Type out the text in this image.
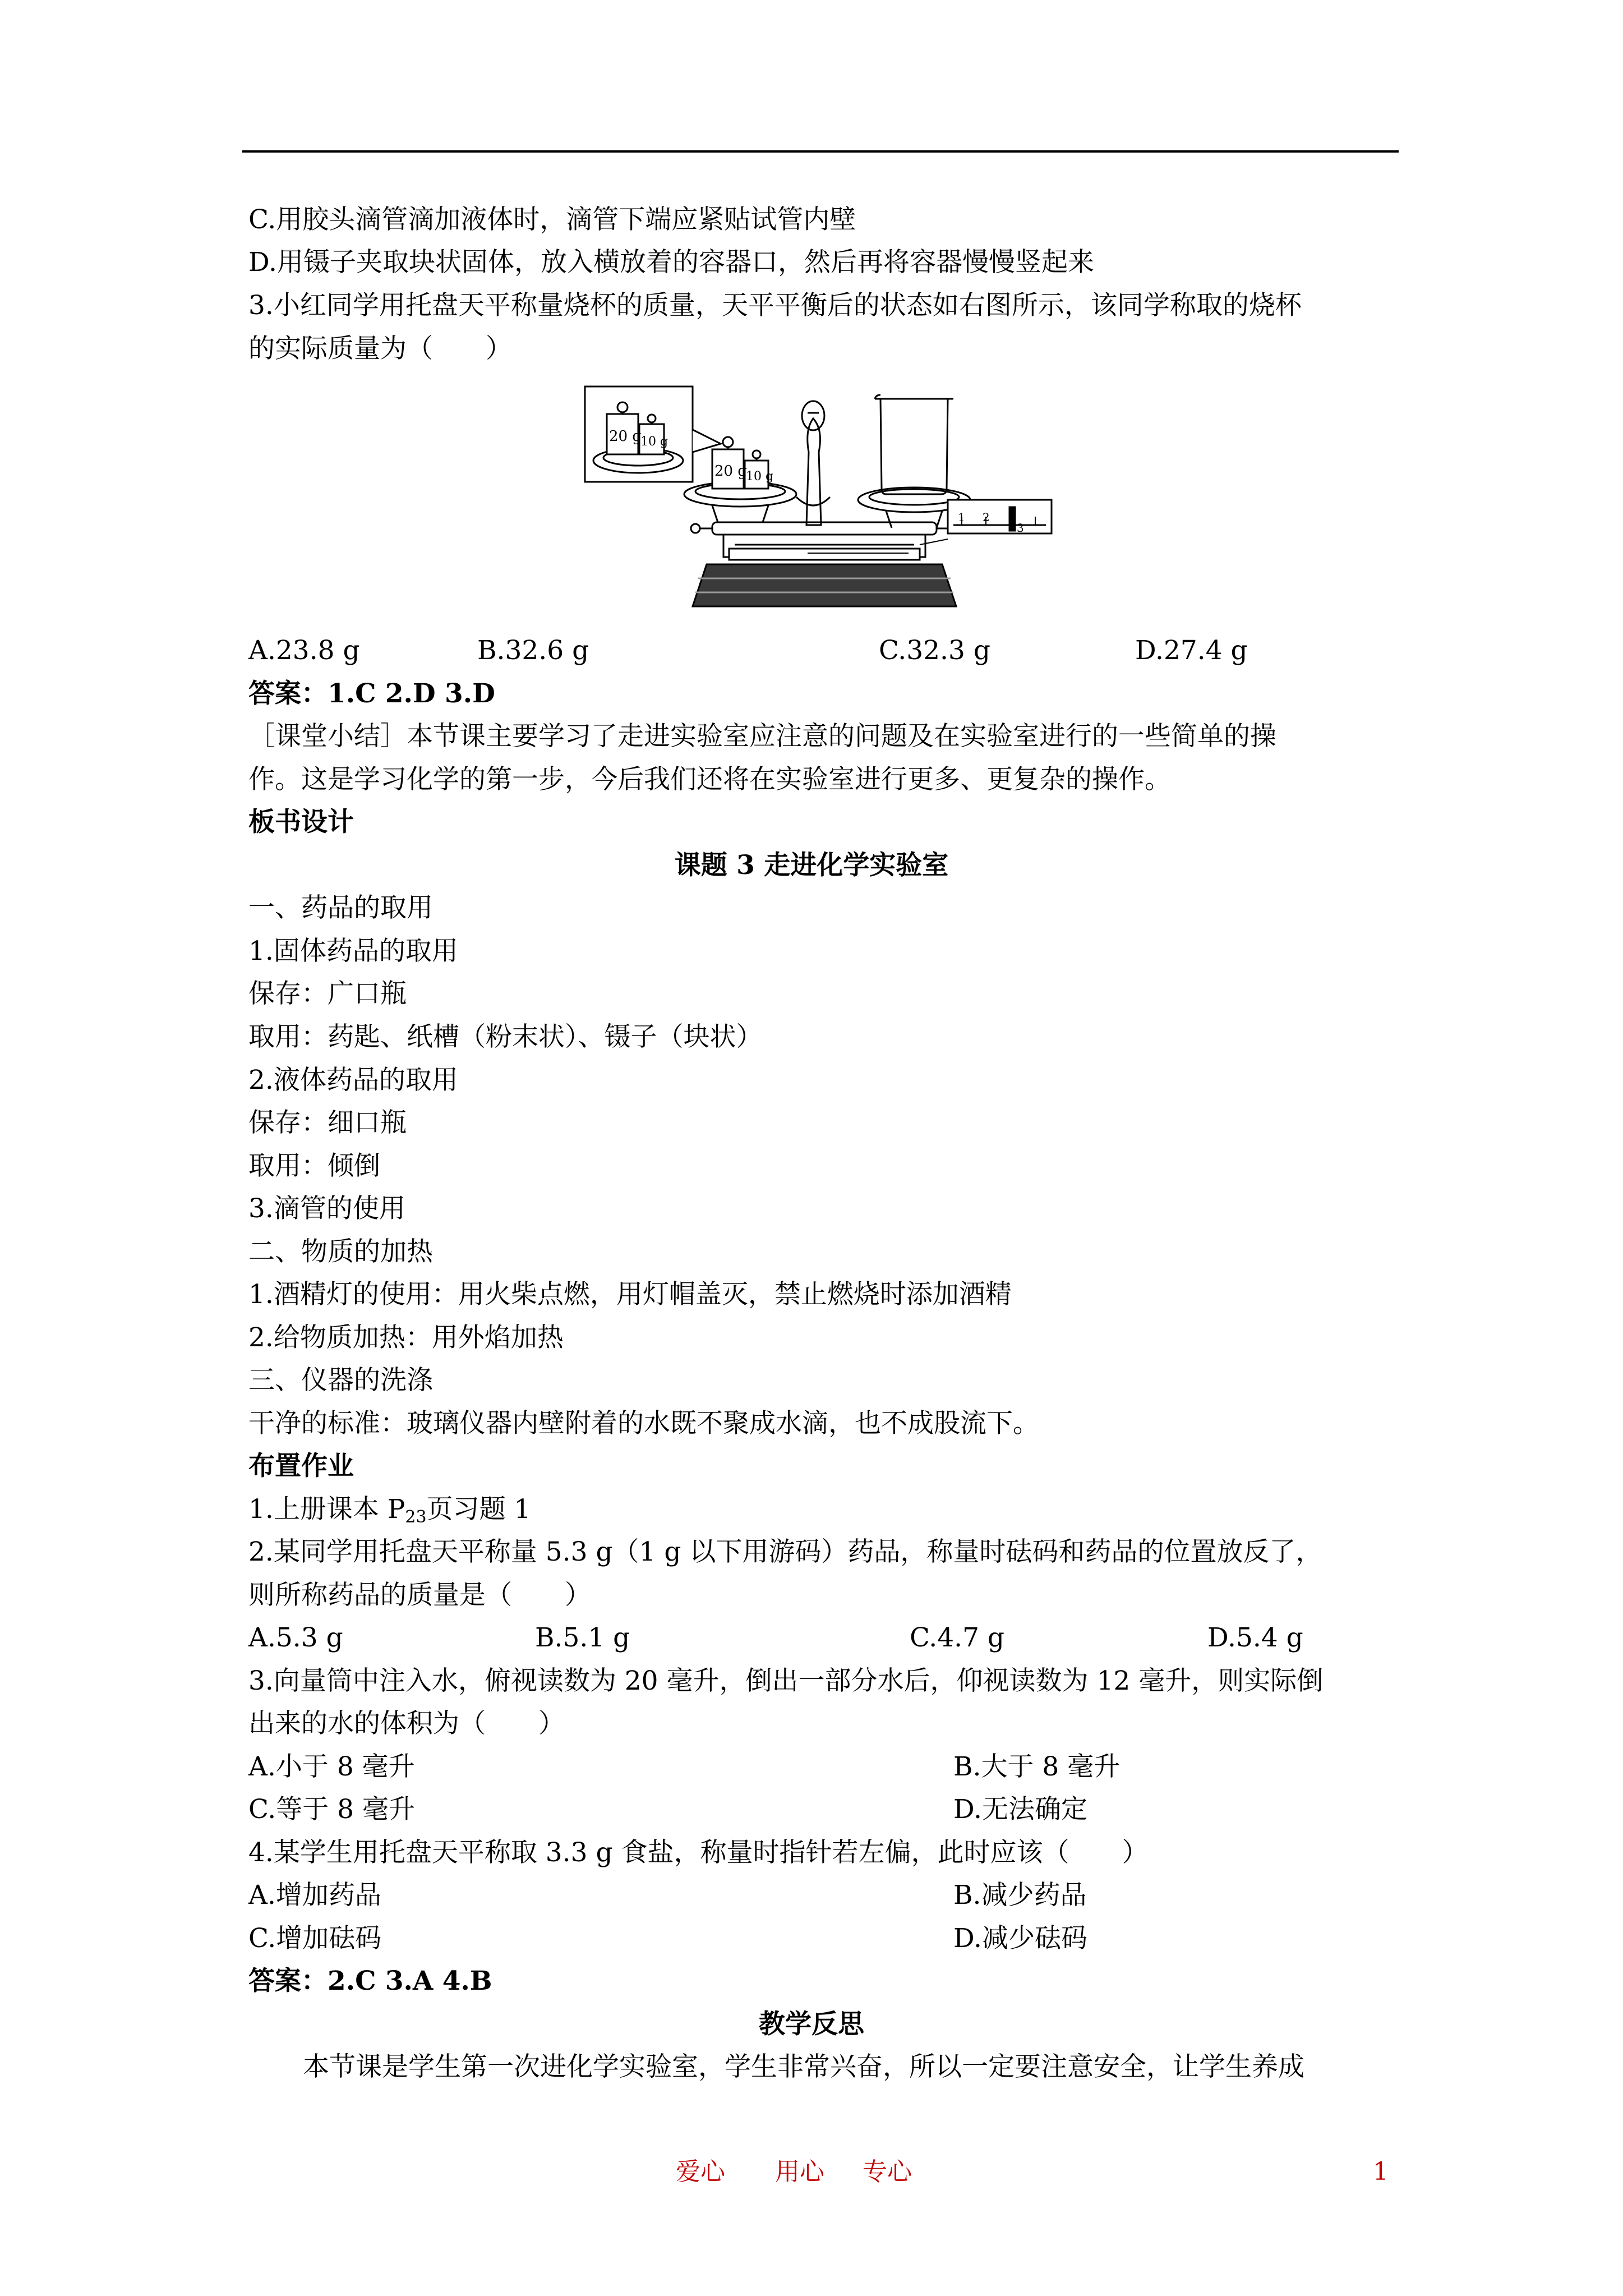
C.用胶头滴管滴加液体时，滴管下端应紧贴试管内壁
D.用镊子夹取块状固体，放入横放着的容器口，然后再将容器慢慢竖起来
3.小红同学用托盘天平称量烧杯的质量，天平平衡后的状态如右图所示，该同学称取的烧杯
的实际质量为（　　）
20 g
10 g
20 g
10 g
1 2
3
A.23.8 g	B.32.6 g	C.32.3 g	D.27.4 g
答案：1.C 2.D 3.D
［课堂小结］本节课主要学习了走进实验室应注意的问题及在实验室进行的一些简单的操
作。这是学习化学的第一步，今后我们还将在实验室进行更多、更复杂的操作。
板书设计
课题 3 走进化学实验室
一、药品的取用
1.固体药品的取用
保存：广口瓶
取用：药匙、纸槽（粉末状）、镊子（块状）
2.液体药品的取用
保存：细口瓶
取用：倾倒
3.滴管的使用
二、物质的加热
1.酒精灯的使用：用火柴点燃，用灯帽盖灭，禁止燃烧时添加酒精
2.给物质加热：用外焰加热
三、仪器的洗涤
干净的标准：玻璃仪器内壁附着的水既不聚成水滴，也不成股流下。
布置作业
1.上册课本 $P_{23}$页习题 1
2.某同学用托盘天平称量 5.3 g（1 g 以下用游码）药品，称量时砝码和药品的位置放反了，
则所称药品的质量是（　　）
A.5.3 g	B.5.1 g	C.4.7 g	D.5.4 g
3.向量筒中注入水，俯视读数为 20 毫升，倒出一部分水后，仰视读数为 12 毫升，则实际倒
出来的水的体积为（　　）
A.小于 8 毫升	B.大于 8 毫升
C.等于 8 毫升	D.无法确定
4.某学生用托盘天平称取 3.3 g 食盐，称量时指针若左偏，此时应该（　　）
A.增加药品	B.减少药品
C.增加砝码	D.减少砝码
答案：2.C 3.A 4.B
教学反思
本节课是学生第一次进化学实验室，学生非常兴奋，所以一定要注意安全，让学生养成
爱心 用心 专心	1
